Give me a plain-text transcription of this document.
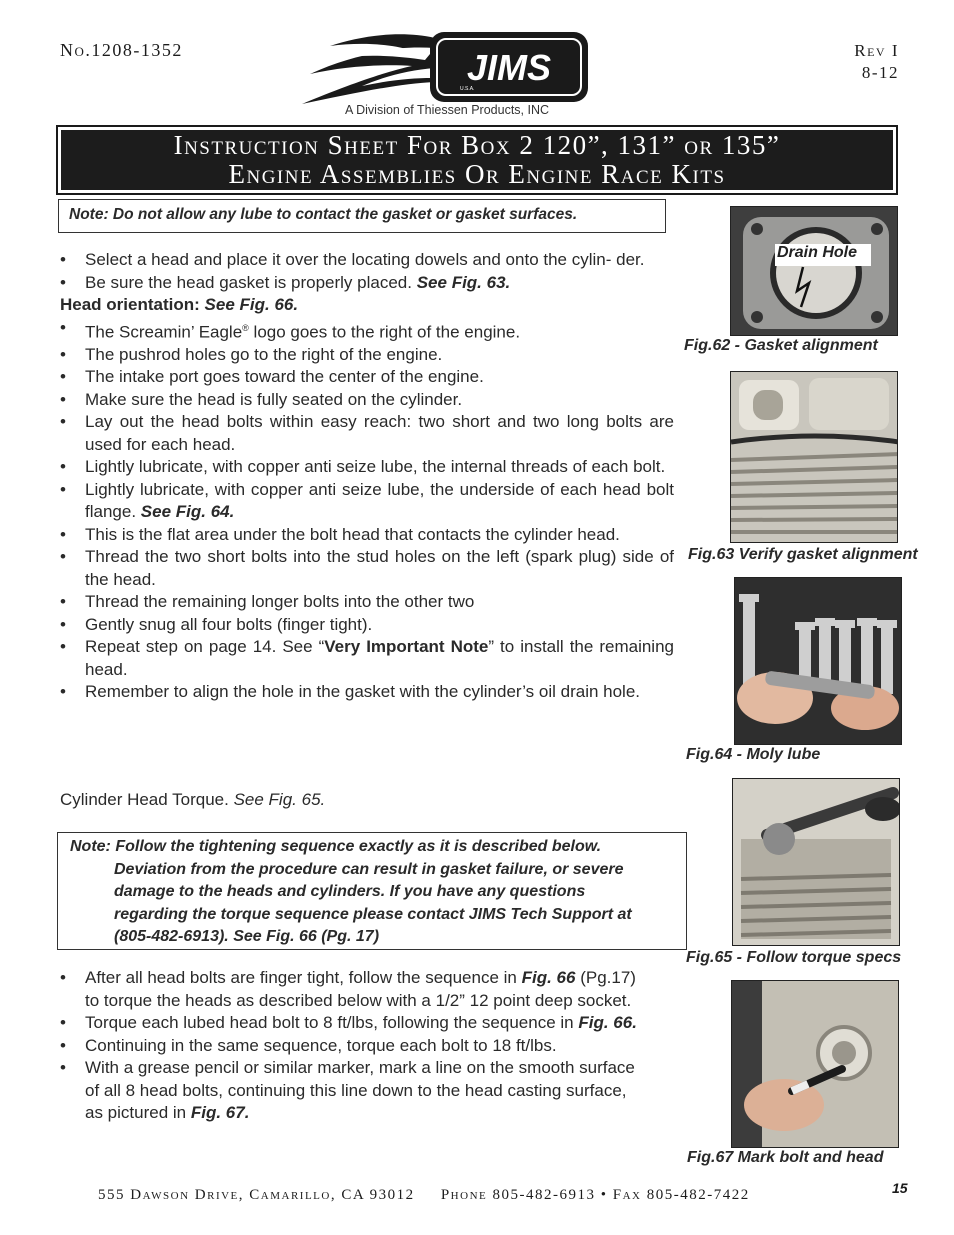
No.1208-1352	Rev I
8-12
JIMS
U.S.A.
A Division of Thiessen Products, INC
Instruction Sheet For Box 2 120”, 131” or 135”
Engine Assemblies Or Engine Race Kits
Note: Do not allow any lube to contact the gasket or gasket surfaces.
• Select a head and place it over the locating dowels and onto the cylin- der.
• Be sure the head gasket is properly placed. See Fig. 63.
Head orientation: See Fig. 66.
• The Screamin’ Eagle® logo goes to the right of the engine.
• The pushrod holes go to the right of the engine.
• The intake port goes toward the center of the engine.
• Make sure the head is fully seated on the cylinder.
• Lay out the head bolts within easy reach: two short and two long bolts are used for each head.
• Lightly lubricate, with copper anti seize lube, the internal threads of each bolt.
• Lightly lubricate, with copper anti seize lube, the underside of each head bolt flange. See Fig. 64.
• This is the flat area under the bolt head that contacts the cylinder head.
• Thread the two short bolts into the stud holes on the left (spark plug) side of the head.
• Thread the remaining longer bolts into the other two
• Gently snug all four bolts (finger tight).
• Repeat step on page 14. See “Very Important Note” to install the remaining head.
• Remember to align the hole in the gasket with the cylinder’s oil drain hole.
Cylinder Head Torque. See Fig. 65.
Note: Follow the tightening sequence exactly as it is described below.
Deviation from the procedure can result in gasket failure, or severe
damage to the heads and cylinders. If you have any questions
regarding the torque sequence please contact JIMS Tech Support at
(805-482-6913). See Fig. 66 (Pg. 17)
• After all head bolts are finger tight, follow the sequence in Fig. 66 (Pg.17) to torque the heads as described below with a 1/2” 12 point deep socket.
• Torque each lubed head bolt to 8 ft/lbs, following the sequence in Fig. 66.
• Continuing in the same sequence, torque each bolt to 18 ft/lbs.
• With a grease pencil or similar marker, mark a line on the smooth surface of all 8 head bolts, continuing this line down to the head casting surface, as pictured in Fig. 67.
Drain Hole
Fig.62 - Gasket alignment
Fig.63 Verify gasket alignment
Fig.64 - Moly lube
Fig.65 - Follow torque specs
Fig.67 Mark bolt and head
555 Dawson Drive, Camarillo, CA 93012     Phone 805-482-6913 • Fax 805-482-7422	15
